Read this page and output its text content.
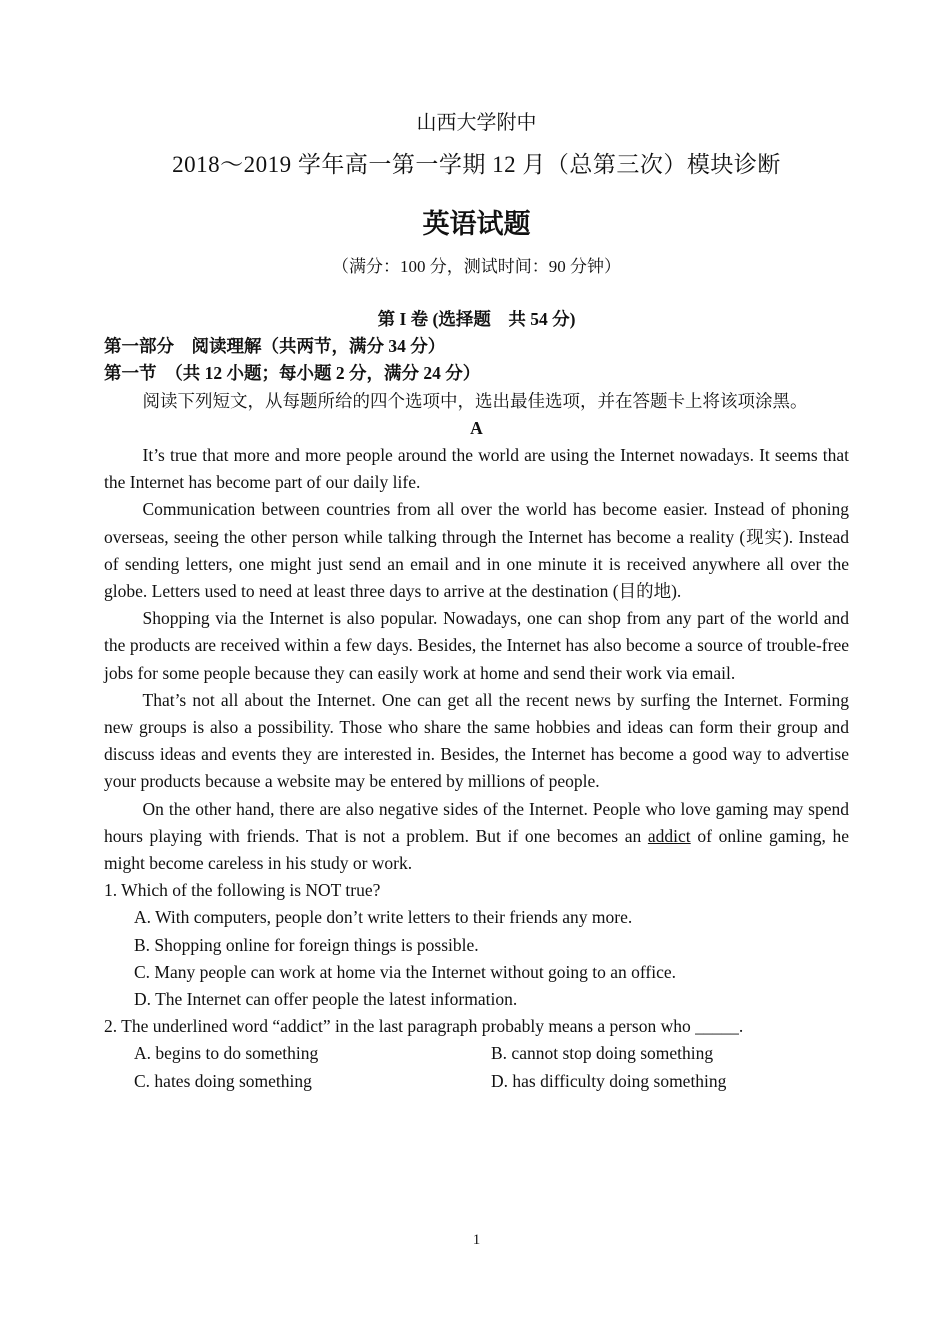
山西大学附中
2018～2019 学年高一第一学期 12 月（总第三次）模块诊断
英语试题
（满分：100 分，测试时间：90 分钟）

第 I 卷 (选择题　共 54 分)

第一部分　阅读理解（共两节，满分 34 分）

第一节　（共 12 小题；每小题 2 分，满分 24 分）

阅读下列短文，从每题所给的四个选项中，选出最佳选项，并在答题卡上将该项涂黑。

A

It’s true that more and more people around the world are using the Internet nowadays. It seems that the Internet has become part of our daily life.

Communication between countries from all over the world has become easier. Instead of phoning overseas, seeing the other person while talking through the Internet has become a reality (现实). Instead of sending letters, one might just send an email and in one minute it is received anywhere all over the globe. Letters used to need at least three days to arrive at the destination (目的地).

Shopping via the Internet is also popular. Nowadays, one can shop from any part of the world and the products are received within a few days. Besides, the Internet has also become a source of trouble-free jobs for some people because they can easily work at home and send their work via email.

That’s not all about the Internet. One can get all the recent news by surfing the Internet. Forming new groups is also a possibility. Those who share the same hobbies and ideas can form their group and discuss ideas and events they are interested in. Besides, the Internet has become a good way to advertise your products because a website may be entered by millions of people.

On the other hand, there are also negative sides of the Internet. People who love gaming may spend hours playing with friends. That is not a problem. But if one becomes an addict of online gaming, he might become careless in his study or work.

1. Which of the following is NOT true?

A. With computers, people don’t write letters to their friends any more.

B. Shopping online for foreign things is possible.

C. Many people can work at home via the Internet without going to an office.

D. The Internet can offer people the latest information.

2. The underlined word “addict” in the last paragraph probably means a person who _____.

A. begins to do something	B. cannot stop doing something
C. hates doing something	D. has difficulty doing something
1
